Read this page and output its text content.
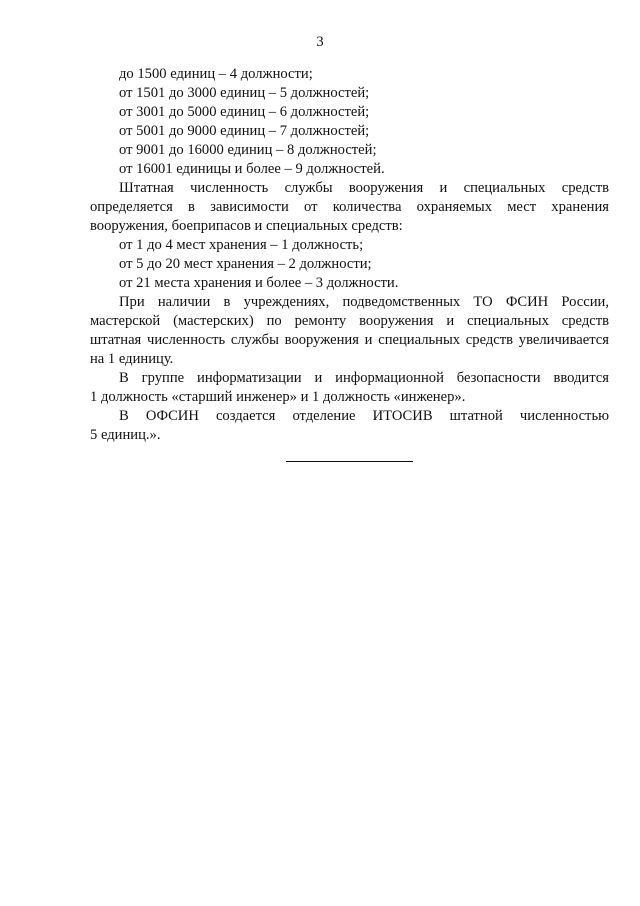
3
до 1500 единиц – 4 должности;
от 1501 до 3000 единиц – 5 должностей;
от 3001 до 5000 единиц – 6 должностей;
от 5001 до 9000 единиц – 7 должностей;
от 9001 до 16000 единиц – 8 должностей;
от 16001 единицы и более – 9 должностей.
Штатная численность службы вооружения и специальных средств
определяется в зависимости от количества охраняемых мест хранения
вооружения, боеприпасов и специальных средств:
от 1 до 4 мест хранения – 1 должность;
от 5 до 20 мест хранения – 2 должности;
от 21 места хранения и более – 3 должности.
При наличии в учреждениях, подведомственных ТО ФСИН России,
мастерской (мастерских) по ремонту вооружения и специальных средств
штатная численность службы вооружения и специальных средств увеличивается
на 1 единицу.
В группе информатизации и информационной безопасности вводится
1 должность «старший инженер» и 1 должность «инженер».
В ОФСИН создается отделение ИТОСИВ штатной численностью
5 единиц.».
